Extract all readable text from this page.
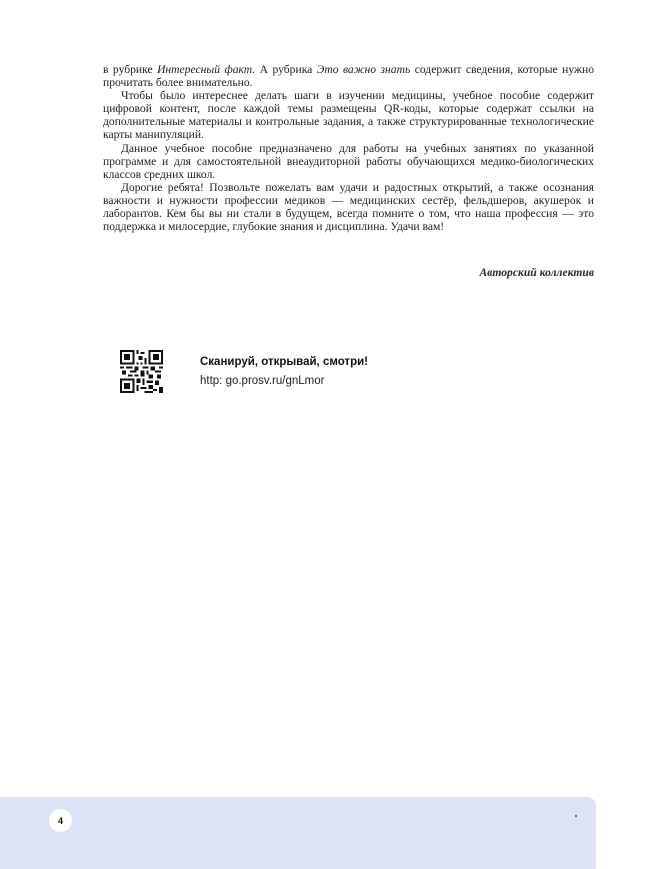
в рубрике Интересный факт. А рубрика Это важно знать содержит сведения, которые нужно прочитать более внимательно.

Чтобы было интереснее делать шаги в изучении медицины, учебное пособие содержит цифровой контент, после каждой темы размещены QR-коды, которые содержат ссылки на дополнительные материалы и контрольные задания, а также структурированные технологические карты манипуляций.

Данное учебное пособие предназначено для работы на учебных занятиях по указанной программе и для самостоятельной внеаудиторной работы обучающихся медико-биологических классов средних школ.

Дорогие ребята! Позвольте пожелать вам удачи и радостных открытий, а также осознания важности и нужности профессии медиков — медицинских сестёр, фельдшеров, акушерок и лаборантов. Кем бы вы ни стали в будущем, всегда помните о том, что наша профессия — это поддержка и милосердие, глубокие знания и дисциплина. Удачи вам!

Авторский коллектив
Сканируй, открывай, смотри!
http: go.prosv.ru/gnLmor
4
